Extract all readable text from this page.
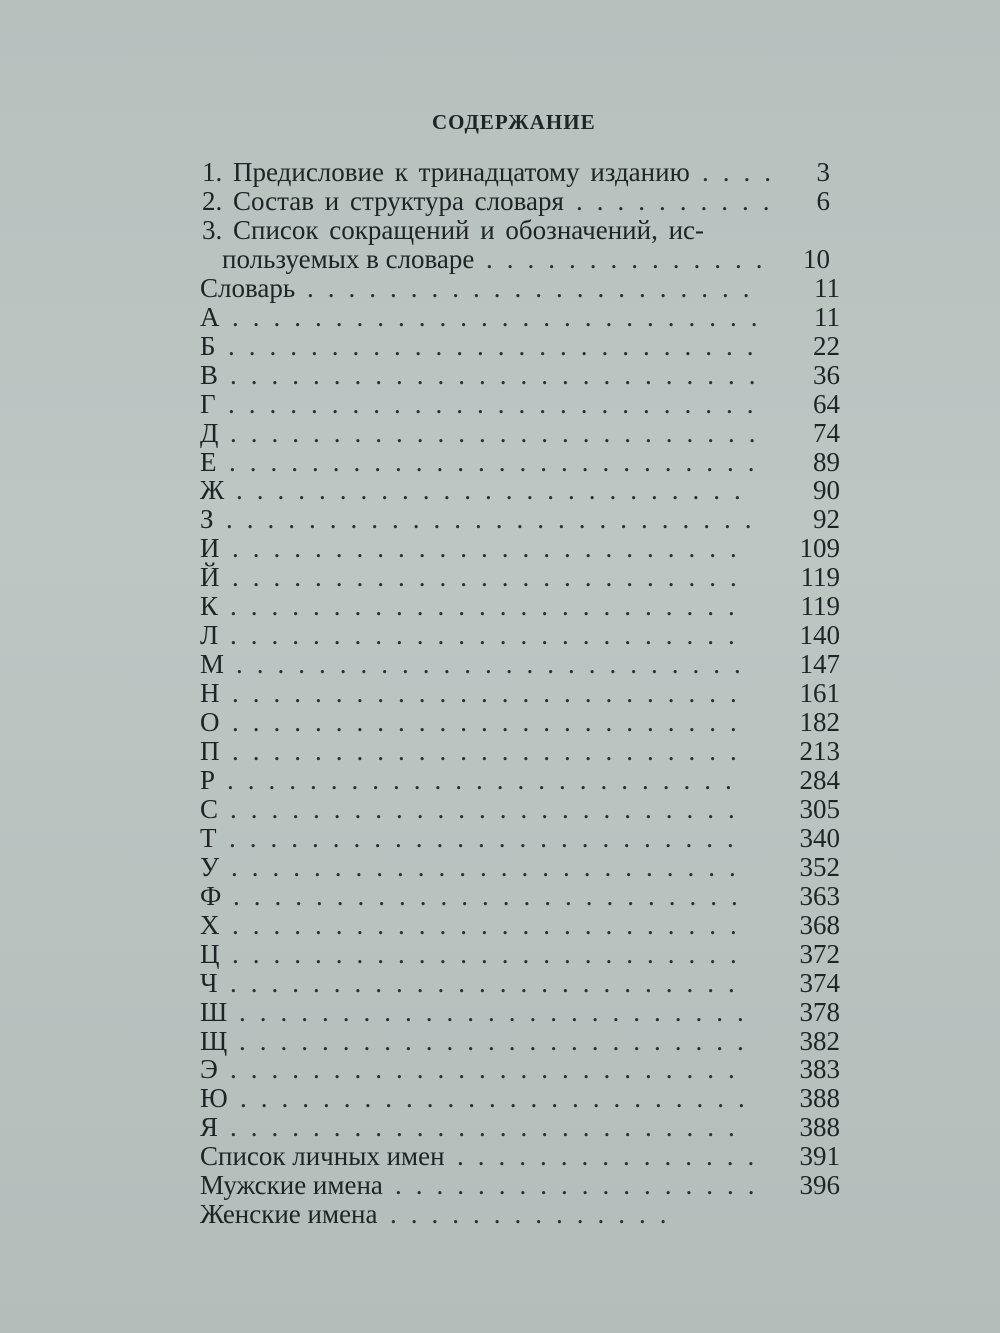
СОДЕРЖАНИЕ
1. Предисловие к тринадцатому изданию .... 3
2. Состав и структура словаря .......... 6
3. Список сокращений и обозначений, ис-
пользуемых в словаре .............. 10
Словарь ...................... 11
А .......................... 11
Б .......................... 22
В .......................... 36
Г .......................... 64
Д .......................... 74
Е .......................... 89
Ж ......................... 90
З .......................... 92
И ......................... 109
Й ......................... 119
К ......................... 119
Л ......................... 140
М ......................... 147
Н ......................... 161
О ......................... 182
П ......................... 213
Р ......................... 284
С ......................... 305
Т ......................... 340
У ......................... 352
Ф ......................... 363
Х ......................... 368
Ц ......................... 372
Ч ......................... 374
Ш ......................... 378
Щ ......................... 382
Э ......................... 383
Ю ......................... 388
Я ......................... 388
Список личных имен ............... 391
Мужские имена .................. 396
Женские имена ..............
